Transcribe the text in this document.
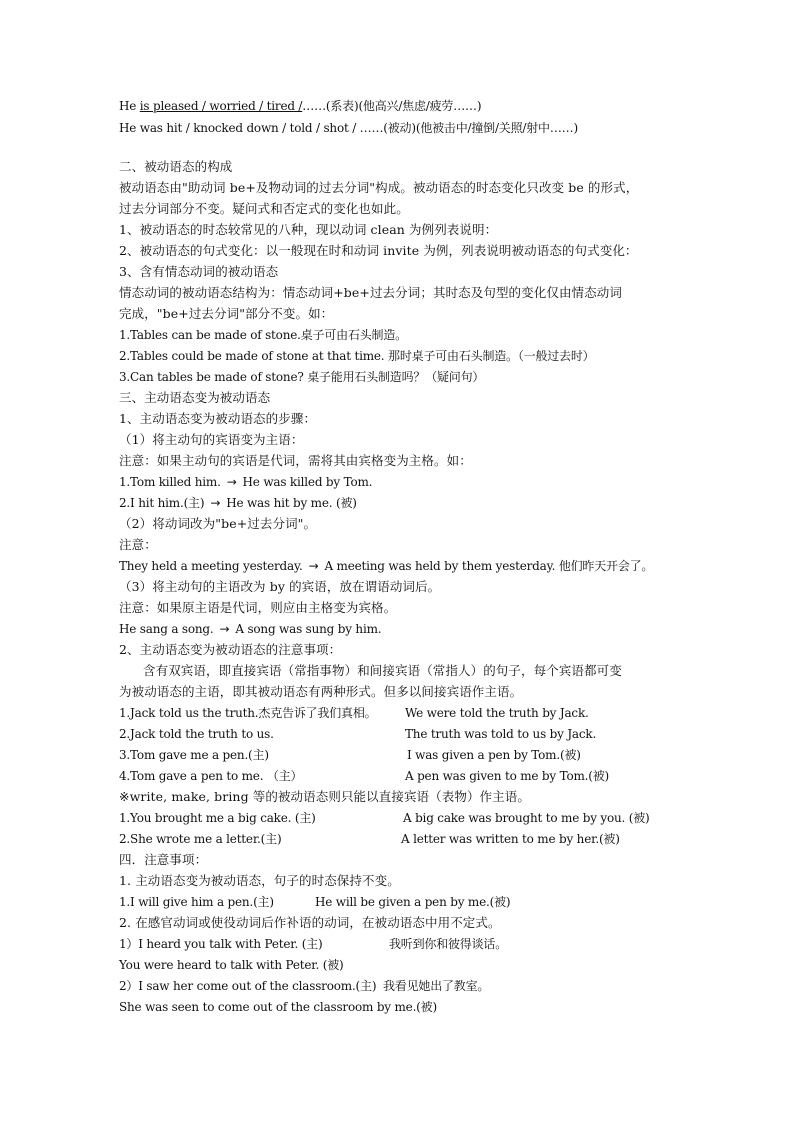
He is pleased / worried / tired /……(系表)(他高兴/焦虑/疲劳……)
He was hit / knocked down / told / shot / ……(被动)(他被击中/撞倒/关照/射中……)
二、被动语态的构成
被动语态由"助动词 be+及物动词的过去分词"构成。被动语态的时态变化只改变 be 的形式，
过去分词部分不变。疑问式和否定式的变化也如此。
1、被动语态的时态较常见的八种，现以动词 clean 为例列表说明：
2、被动语态的句式变化：以一般现在时和动词 invite 为例，列表说明被动语态的句式变化：
3、含有情态动词的被动语态
情态动词的被动语态结构为：情态动词+be+过去分词；其时态及句型的变化仅由情态动词
完成，"be+过去分词"部分不变。如：
1.Tables can be made of stone.桌子可由石头制造。
2.Tables could be made of stone at that time. 那时桌子可由石头制造。（一般过去时）
3.Can tables be made of stone? 桌子能用石头制造吗？（疑问句）
三、主动语态变为被动语态
1、主动语态变为被动语态的步骤：
（1）将主动句的宾语变为主语：
注意：如果主动句的宾语是代词，需将其由宾格变为主格。如：
1.Tom killed him. → He was killed by Tom.
2.I hit him.(主) → He was hit by me. (被)
（2）将动词改为"be+过去分词"。
注意：
They held a meeting yesterday. → A meeting was held by them yesterday. 他们昨天开会了。
（3）将主动句的主语改为 by 的宾语，放在谓语动词后。
注意：如果原主语是代词，则应由主格变为宾格。
He sang a song. → A song was sung by him.
2、主动语态变为被动语态的注意事项：
含有双宾语，即直接宾语（常指事物）和间接宾语（常指人）的句子，每个宾语都可变
为被动语态的主语，即其被动语态有两种形式。但多以间接宾语作主语。
1.Jack told us the truth.杰克告诉了我们真相。 We were told the truth by Jack.
2.Jack told the truth to us.	The truth was told to us by Jack.
3.Tom gave me a pen.(主)	I was given a pen by Tom.(被)
4.Tom gave a pen to me. （主）	A pen was given to me by Tom.(被)
※write, make, bring 等的被动语态则只能以直接宾语（表物）作主语。
1.You brought me a big cake. (主)	A big cake was brought to me by you. (被)
2.She wrote me a letter.(主)	A letter was written to me by her.(被)
四．注意事项：
1. 主动语态变为被动语态，句子的时态保持不变。
1.I will give him a pen.(主)	He will be given a pen by me.(被)
2. 在感官动词或使役动词后作补语的动词，在被动语态中用不定式。
1）I heard you talk with Peter. (主)	我听到你和彼得谈话。
You were heard to talk with Peter. (被)
2）I saw her come out of the classroom.(主) 我看见她出了教室。
She was seen to come out of the classroom by me.(被)
